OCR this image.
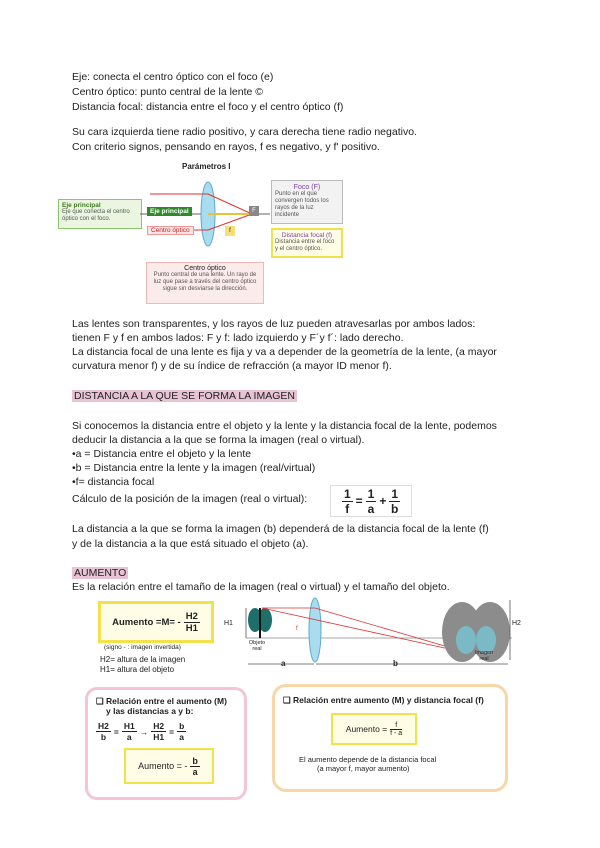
Eje: conecta el centro óptico con el foco (e)
Centro óptico: punto central de la lente ©
Distancia focal: distancia entre el foco y el centro óptico (f)
Su cara izquierda tiene radio positivo, y cara derecha tiene radio negativo.
Con criterio signos, pensando en rayos, f es negativo, y f' positivo.
Parámetros I
Eje principal
Eje que conecta el centro óptico con el foco.
Eje principal
Centro óptico
F
f
Foco (F)
Punto en el que convergen todos los rayos de la luz incidente
Distancia focal (f)
Distancia entre el foco y el centro óptico.
Centro óptico
Punto central de una lente. Un rayo de luz que pase a través del centro óptico sigue sin desviarse la dirección.
Las lentes son transparentes, y los rayos de luz pueden atravesarlas por ambos lados:
tienen F y f en ambos lados: F y f: lado izquierdo y F´y f´: lado derecho.
La distancia focal de una lente es fija y va a depender de la geometría de la lente, (a mayor
curvatura menor f) y de su índice de refracción (a mayor ID menor f).
DISTANCIA A LA QUE SE FORMA LA IMAGEN
Si conocemos la distancia entre el objeto y la lente y la distancia focal de la lente, podemos
deducir la distancia a la que se forma la imagen (real o virtual).
•a = Distancia entre el objeto y la lente
•b = Distancia entre la lente y la imagen (real/virtual)
•f= distancia focal
Cálculo de la posición de la imagen (real o virtual):	$\frac{1}{f} = \frac{1}{a} + \frac{1}{b}$
La distancia a la que se forma la imagen (b) dependerá de la distancia focal de la lente (f)
y de la distancia a la que está situado el objeto (a).
AUMENTO
Es la relación entre el tamaño de la imagen (real o virtual) y el tamaño del objeto.
Aumento $=M= - \frac{H2}{H1}$
(signo - : imagen invertida)
H2= altura de la imagen
H1= altura del objeto
H1	H2
Objeto real
Imagen real
a	b
f
❑ Relación entre el aumento (M)
y las distancias a y b:
$\frac{H2}{b} = \frac{H1}{a} \to \frac{H2}{H1} = \frac{b}{a}$
Aumento = - $\frac{b}{a}$
❑ Relación entre aumento (M) y distancia focal (f)
Aumento = $\frac{f}{f - a}$
El aumento depende de la distancia focal
(a mayor f, mayor aumento)
